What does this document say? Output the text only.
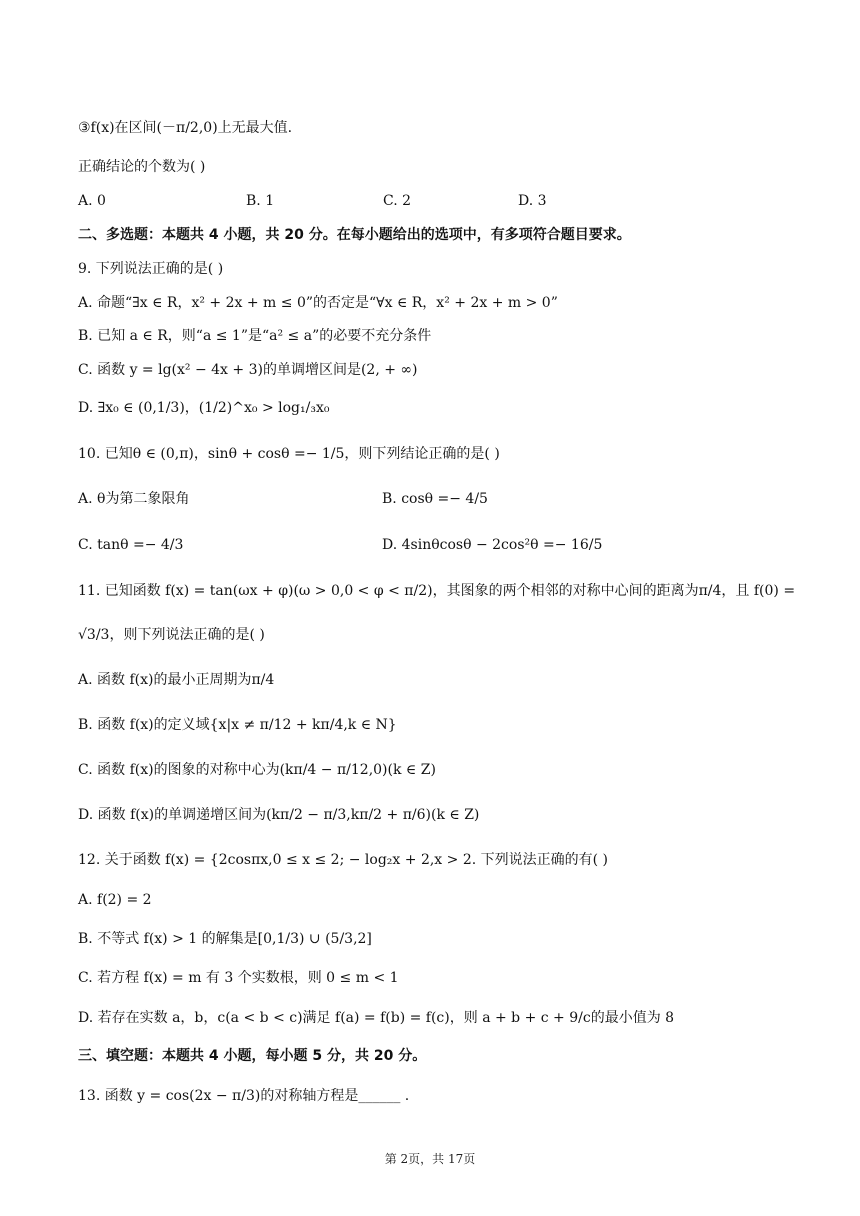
③f(x)在区间(－π/2,0)上无最大值.
正确结论的个数为( )
A. 0	B. 1	C. 2	D. 3
二、多选题：本题共 4 小题，共 20 分。在每小题给出的选项中，有多项符合题目要求。
9. 下列说法正确的是( )
A. 命题“∃x ∈ R，x² + 2x + m ≤ 0”的否定是“∀x ∈ R，x² + 2x + m > 0”
B. 已知 a ∈ R，则“a ≤ 1”是“a² ≤ a”的必要不充分条件
C. 函数 y = lg(x² − 4x + 3)的单调增区间是(2, + ∞)
D. ∃x₀ ∈ (0,1/3)，(1/2)^x₀ > log₁/₃x₀
10. 已知θ ∈ (0,π)，sinθ + cosθ =− 1/5，则下列结论正确的是( )
A. θ为第二象限角	B. cosθ =− 4/5
C. tanθ =− 4/3	D. 4sinθcosθ − 2cos²θ =− 16/5
11. 已知函数 f(x) = tan(ωx + φ)(ω > 0,0 < φ < π/2)，其图象的两个相邻的对称中心间的距离为π/4，且 f(0) =
√3/3，则下列说法正确的是( )
A. 函数 f(x)的最小正周期为π/4
B. 函数 f(x)的定义域{x|x ≠ π/12 + kπ/4,k ∈ N}
C. 函数 f(x)的图象的对称中心为(kπ/4 − π/12,0)(k ∈ Z)
D. 函数 f(x)的单调递增区间为(kπ/2 − π/3,kπ/2 + π/6)(k ∈ Z)
12. 关于函数 f(x) = {2cosπx,0 ≤ x ≤ 2; − log₂x + 2,x > 2. 下列说法正确的有( )
A. f(2) = 2
B. 不等式 f(x) > 1 的解集是[0,1/3) ∪ (5/3,2]
C. 若方程 f(x) = m 有 3 个实数根，则 0 ≤ m < 1
D. 若存在实数 a，b，c(a < b < c)满足 f(a) = f(b) = f(c)，则 a + b + c + 9/c的最小值为 8
三、填空题：本题共 4 小题，每小题 5 分，共 20 分。
13. 函数 y = cos(2x − π/3)的对称轴方程是______ .
第 2页，共 17页
